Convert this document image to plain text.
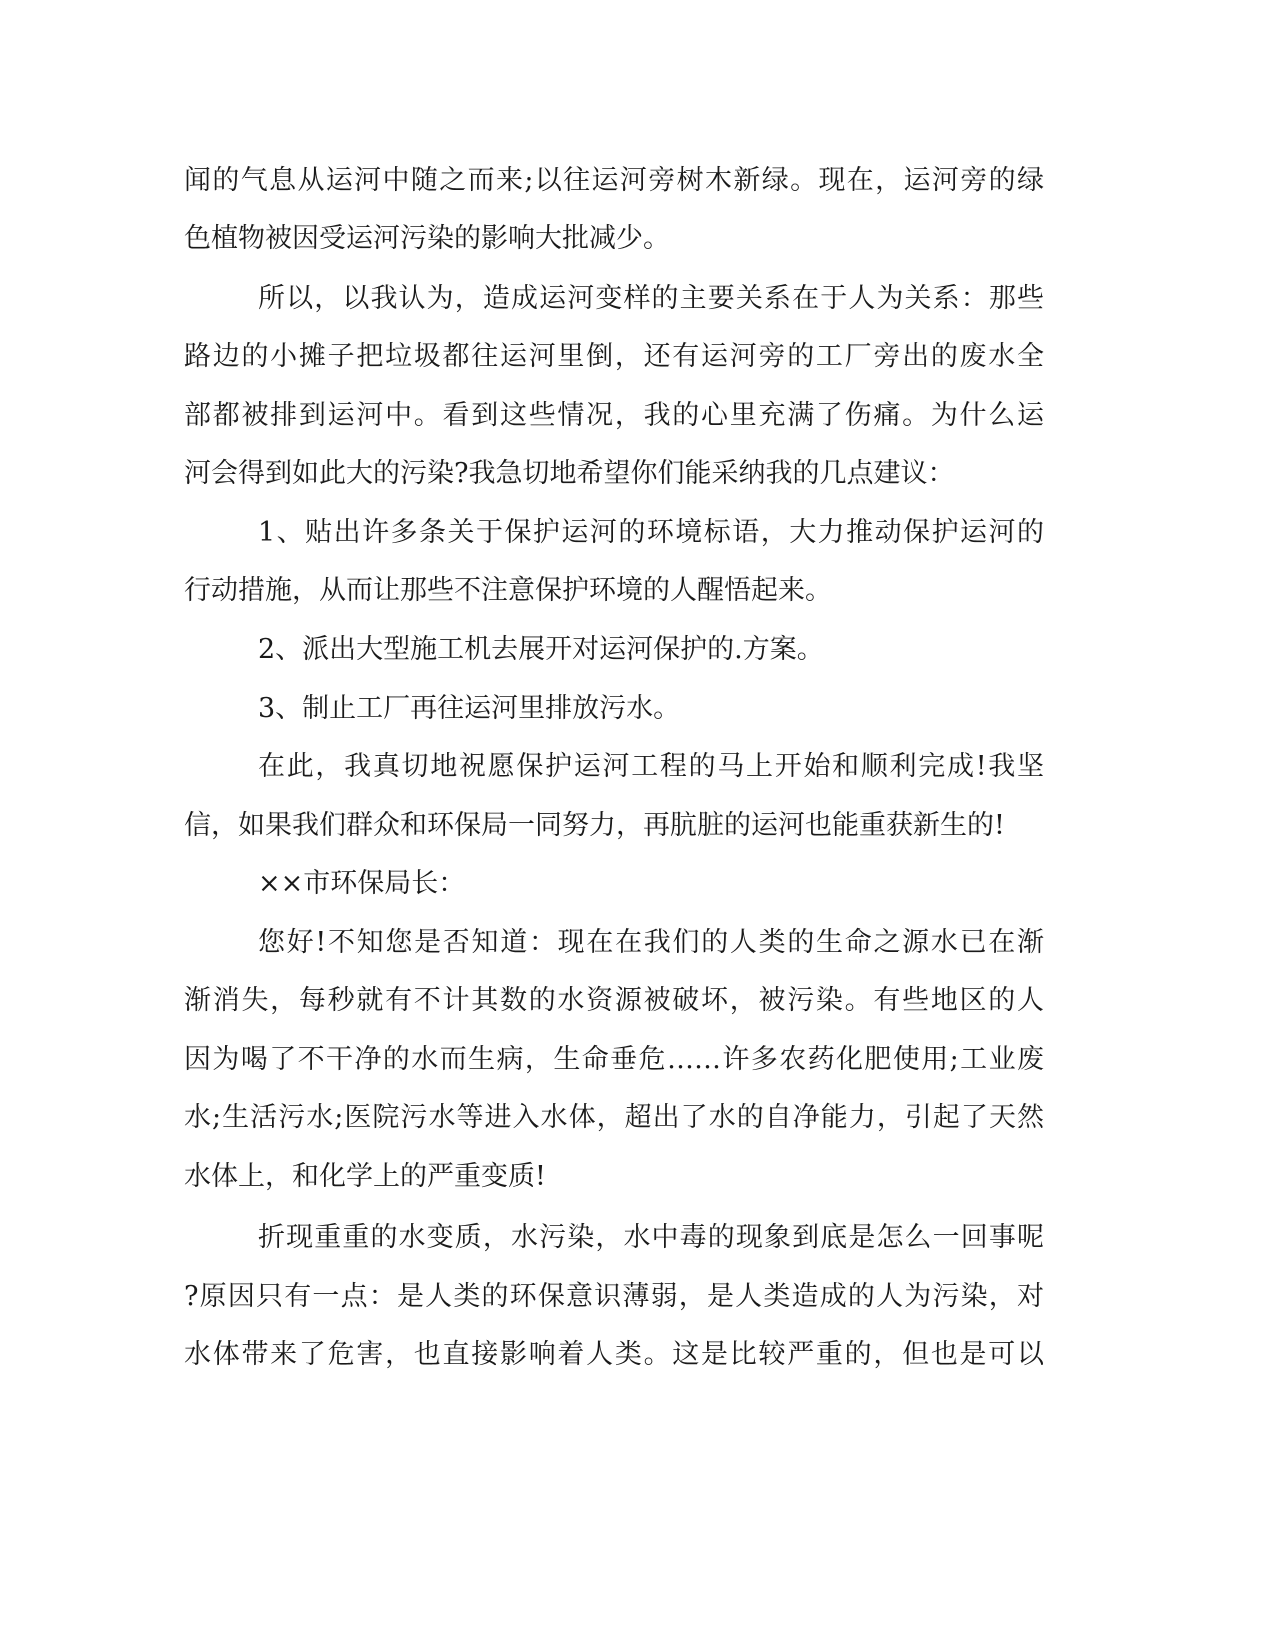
闻的气息从运河中随之而来;以往运河旁树木新绿。现在，运河旁的绿
色植物被因受运河污染的影响大批减少。
所以，以我认为，造成运河变样的主要关系在于人为关系：那些
路边的小摊子把垃圾都往运河里倒，还有运河旁的工厂旁出的废水全
部都被排到运河中。看到这些情况，我的心里充满了伤痛。为什么运
河会得到如此大的污染?我急切地希望你们能采纳我的几点建议：
1、贴出许多条关于保护运河的环境标语，大力推动保护运河的
行动措施，从而让那些不注意保护环境的人醒悟起来。
2、派出大型施工机去展开对运河保护的.方案。
3、制止工厂再往运河里排放污水。
在此，我真切地祝愿保护运河工程的马上开始和顺利完成!我坚
信，如果我们群众和环保局一同努力，再肮脏的运河也能重获新生的!
××市环保局长：
您好!不知您是否知道：现在在我们的人类的生命之源水已在渐
渐消失，每秒就有不计其数的水资源被破坏，被污染。有些地区的人
因为喝了不干净的水而生病，生命垂危……许多农药化肥使用;工业废
水;生活污水;医院污水等进入水体，超出了水的自净能力，引起了天然
水体上，和化学上的严重变质!
折现重重的水变质，水污染，水中毒的现象到底是怎么一回事呢
?原因只有一点：是人类的环保意识薄弱，是人类造成的人为污染，对
水体带来了危害，也直接影响着人类。这是比较严重的，但也是可以
